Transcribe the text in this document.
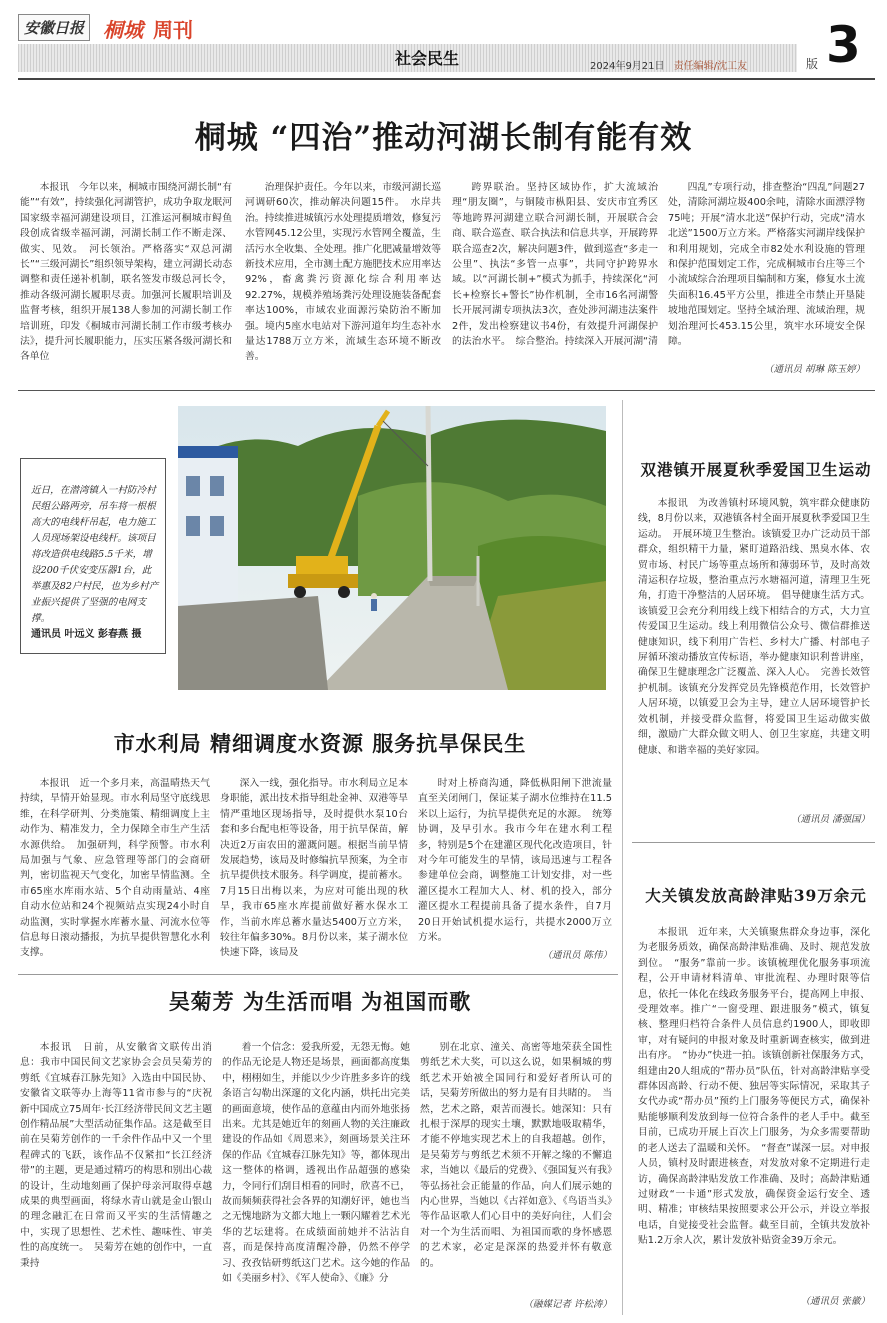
安徽日报 桐城 周刊
社会民生	2024年9月21日 责任编辑/沈工友 3
版
桐城 “四治”推动河湖长制有能有效

本报讯　今年以来，桐城市围绕河湖长制“有能”“有效”，持续强化河湖管护，成功争取龙眠河国家级幸福河湖建设项目，江淮运河桐城市鲟鱼段创成省级幸福河湖，河湖长制工作不断走深、做实、见效。　河长领治。严格落实“双总河湖长”“三级河湖长”组织领导架构，建立河湖长动态调整和责任递补机制，联名签发市级总河长令，推动各级河湖长履职尽责。加强河长履职培训及监督考核，组织开展138人参加的河湖长制工作培训班，印发《桐城市河湖长制工作市级考核办法》，提升河长履职能力，压实压紧各级河湖长和各单位

治理保护责任。今年以来，市级河湖长巡河调研60次，推动解决问题15件。　水岸共治。持续推进城镇污水处理提质增效，修复污水管网45.12公里，实现污水管网全覆盖，生活污水全收集、全处理。推广化肥减量增效等新技术应用，全市测土配方施肥技术应用率达92%，畜禽粪污资源化综合利用率达92.27%，规模养殖场粪污处理设施装备配套率达100%，市域农业面源污染防治不断加强。境内5座水电站对下游河道年均生态补水量达1788万立方米，流域生态环境不断改善。

跨界联治。坚持区域协作，扩大流域治理“朋友圈”，与铜陵市枞阳县、安庆市宜秀区等地跨界河湖建立联合河湖长制，开展联合会商、联合巡查、联合执法和信息共享，开展跨界联合巡查2次，解决问题3件，做到巡查“多走一公里”、执法“多管一点事”，共同守护跨界水域。以“河湖长制+”模式为抓手，持续深化“河长+检察长+警长”协作机制，全市16名河湖警长开展河湖专项执法3次，查处涉河湖违法案件2件，发出检察建议书4份，有效提升河湖保护的法治水平。　综合整治。持续深入开展河湖“清

四乱”专项行动，排查整治“四乱”问题27处，清除河湖垃圾400余吨，清除水面漂浮物75吨；开展“清水北送”保护行动，完成“清水北送”1500万立方米。严格落实河湖岸线保护和利用规划，完成全市82处水利设施的管理和保护范围划定工作，完成桐城市台庄等三个小流域综合治理项目编制和方案，修复水土流失面积16.45平方公里，推进全市禁止开垦陡坡地范围划定。坚持全域治理、流域治理，规划治理河长453.15公里，筑牢水环境安全保障。

（通讯员 胡琳 陈玉婷）
近日，在潜湾镇入一村防冷村民组公路两旁，吊车将一根根高大的电线杆吊起，电力施工人员现场架设电线杆。该项目将改造供电线路5.5千米，增设200千伏安变压器1台，此举惠及82户村民，也为乡村产业振兴提供了坚强的电网支撑。
通讯员 叶远义 彭春燕 摄
双港镇开展夏秋季爱国卫生运动

本报讯　为改善镇村环境风貌，筑牢群众健康防线，8月份以来，双港镇各村全面开展夏秋季爱国卫生运动。　开展环境卫生整治。该镇爱卫办广泛动员干部群众，组织精干力量，紧盯道路沿线、黑臭水体、农贸市场、村民广场等重点场所和薄弱环节，及时高效清运积存垃圾，整治重点污水塘福河道，清理卫生死角，打造干净整洁的人居环境。　倡导健康生活方式。该镇爱卫会充分利用线上线下相结合的方式，大力宣传爱国卫生运动。线上利用微信公众号、微信群推送健康知识，线下利用广告栏、乡村大广播、村部电子屏循环滚动播放宣传标语，举办健康知识利普讲座，确保卫生健康理念广泛覆盖、深入人心。　完善长效管护机制。该镇充分发挥党员先锋模范作用，长效管护人居环境，以镇爱卫会为主导，建立人居环境管护长效机制，并接受群众监督，将爱国卫生运动做实做细，激励广大群众做文明人、创卫生家庭，共建文明健康、和谐幸福的美好家园。

（通讯员 潘强国）
大关镇发放高龄津贴39万余元

本报讯　近年来，大关镇聚焦群众身边事，深化为老服务质效，确保高龄津贴准确、及时、规范发放到位。　“服务”靠前一步。该镇梳理优化服务事项流程，公开申请材料清单、审批流程、办理时限等信息，依托一体化在线政务服务平台，提高网上申报、受理效率。推广“一窗受理、跟进服务”模式，镇复核、整理归档符合条件人员信息约1900人，即收即审，对有疑问的申报对象及时重新调查核实，做到进出有序。　“协办”快进一拍。该镇创新社保服务方式，组建由20人组成的“帮办员”队伍，针对高龄津贴享受群体因高龄、行动不便、独居等实际情况，采取其子女代办或“帮办员”预约上门服务等便民方式，确保补贴能够顺利发放到每一位符合条件的老人手中。截至目前，已成功开展上百次上门服务，为众多需要帮助的老人送去了温暖和关怀。　“督查”谋深一层。对申报人员，镇村及时跟进核查，对发放对象不定期进行走访，确保高龄津贴发放工作准确、及时；高龄津贴通过财政“一卡通”形式发放，确保资金运行安全、透明、精准；审核结果按照要求公开公示，并设立举报电话，自觉接受社会监督。截至目前，全镇共发放补贴1.2万余人次，累计发放补贴资金39万余元。

（通讯员 张徽）
市水利局 精细调度水资源 服务抗旱保民生

本报讯　近一个多月来，高温晴热天气持续，旱情开始显现。市水利局坚守底线思维，在科学研判、分类施策、精细调度上主动作为、精准发力，全力保障全市生产生活水源供给。　加强研判，科学预警。市水利局加强与气象、应急管理等部门的会商研判，密切监视天气变化，加密旱情监测。全市65座水库雨水站、5个自动雨量站、4座自动水位站和24个视频站点实现24小时自动监测，实时掌握水库蓄水量、河流水位等信息每日滚动播报，为抗旱提供智慧化水利支撑。

深入一线，强化指导。市水利局立足本身职能，派出技术指导组赴金神、双港等旱情严重地区现场指导，及时提供水泵10台套和多台配电柜等设备，用于抗旱保苗，解决近2万亩农田的灌溉问题。根据当前旱情发展趋势，该局及时修编抗旱预案，为全市抗旱提供技术服务。科学调度，提前蓄水。7月15日出梅以来，为应对可能出现的秋旱，我市65座水库提前做好蓄水保水工作，当前水库总蓄水量达5400万立方米，较往年偏多30%。8月份以来，某子湖水位快速下降，该局及

时对上桥商沟通，降低枞阳闸下泄流量直至关闭闸门，保证某子湖水位维持在11.5米以上运行，为抗旱提供充足的水源。　统筹协调，及早引水。我市今年在建水利工程多，特别是5个在建灌区现代化改造项目，针对今年可能发生的旱情，该局迅速与工程各参建单位会商，调整施工计划安排，对一些灌区提水工程加大人、材、机的投入，部分灌区提水工程提前具备了提水条件，自7月20日开始试机提水运行，共提水2000万立方米。

（通讯员 陈伟）
吴菊芳 为生活而唱 为祖国而歌

本报讯　日前，从安徽省文联传出消息：我市中国民间文艺家协会会员吴菊芳的剪纸《宜城春江脉先知》入选由中国民协、安徽省文联等办上海等11省市参与的“庆祝新中国成立75周年·长江经济带民间文艺主题创作精品展”大型活动征集作品。这是截至目前在吴菊芳创作的一千余件作品中又一个里程碑式的飞跃，该作品不仅紧扣“长江经济带”的主题，更是通过精巧的构思和别出心裁的设计，生动地刻画了保护母亲河取得卓越成果的典型画面，将绿水青山就是金山银山的理念融汇在日常而又平实的生活情趣之中，实现了思想性、艺术性、趣味性、审美性的高度统一。　吴菊芳在她的创作中，一直秉持

着一个信念：爱我所爱，无怨无悔。她的作品无论是人物还是场景，画面都高度集中，栩栩如生，并能以少少许胜多多许的线条语言勾勒出深邃的文化内涵，烘托出完美的画面意境，使作品的意蕴由内而外地张扬出来。尤其是她近年的刻画人物的关注廉政建设的作品如《周恩来》，刻画场景关注环保的作品《宜城春江脉先知》等，都体现出这一整体的格调，透视出作品超强的感染力，令同行们刮目相看的同时，欣喜不已，故而频频获得社会各界的知潮好评，她也当之无愧地跻为文都大地上一颗闪耀着艺术光华的艺坛建将。在成绩面前她并不沾沾自喜，而是保持高度清醒冷静，仍然不停学习、孜孜钻研剪纸这门艺术。这今她的作品如《美丽乡村》、《军人使命》、《廉》分

别在北京、潼关、高密等地荣获全国性剪纸艺术大奖，可以这么说，如果桐城的剪纸艺术开始被全国同行和爱好者所认可的话，吴菊芳所做出的努力是有目共睹的。　当然，艺术之路，艰苦而漫长。她深知：只有扎根于深厚的现实土壤，默默地吸取精华，才能不停地实现艺术上的自我超越。创作，是吴菊芳与剪纸艺术须不开解之缘的不懈追求，当她以《最后的党费》、《强国复兴有我》等弘扬社会正能量的作品，向人们展示她的内心世界，当她以《古祥如意》、《鸟语当头》等作品讴歌人们心目中的美好向往，人们会对一个为生活而唱、为祖国而歌的身怀感恩的艺术家，必定是深深的热爱并怀有敬意的。

（融媒记者 许松涛）
